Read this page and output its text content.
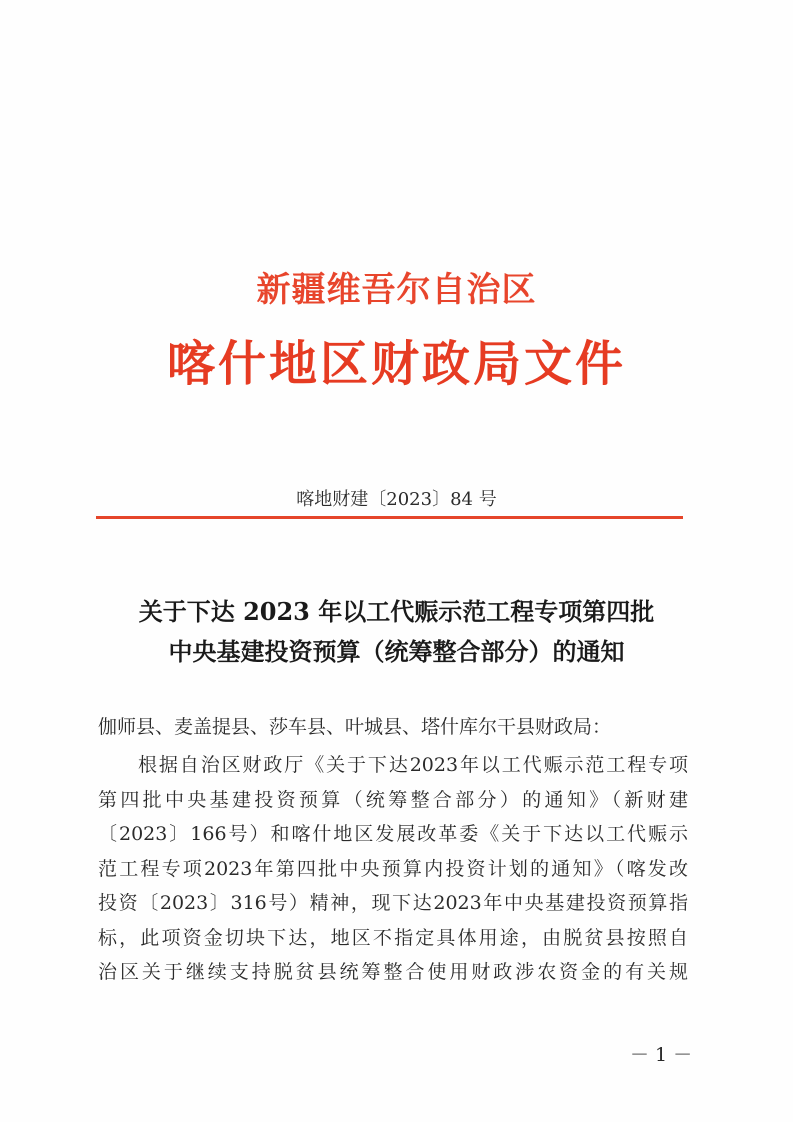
新疆维吾尔自治区
喀什地区财政局文件
喀地财建〔2023〕84 号
关于下达 2023 年以工代赈示范工程专项第四批
中央基建投资预算（统筹整合部分）的通知
伽师县、麦盖提县、莎车县、叶城县、塔什库尔干县财政局：
根据自治区财政厅《关于下达2023年以工代赈示范工程专项
第四批中央基建投资预算（统筹整合部分）的通知》（新财建
〔2023〕166号）和喀什地区发展改革委《关于下达以工代赈示
范工程专项2023年第四批中央预算内投资计划的通知》（喀发改
投资〔2023〕316号）精神，现下达2023年中央基建投资预算指
标，此项资金切块下达，地区不指定具体用途，由脱贫县按照自
治区关于继续支持脱贫县统筹整合使用财政涉农资金的有关规
－ 1 －
